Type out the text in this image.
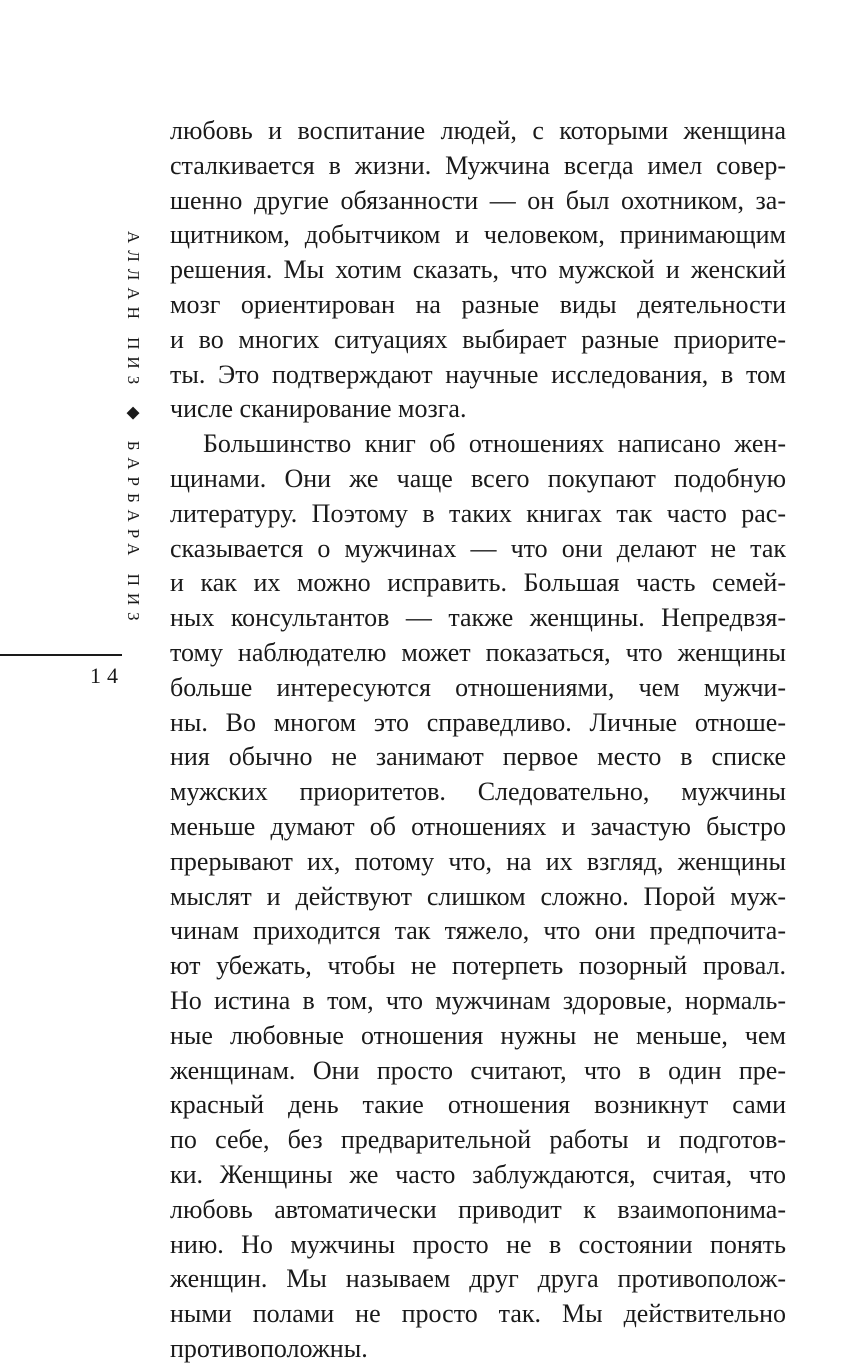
АЛЛАН ПИЗ ◆ БАРБАРА ПИЗ
14
любовь и воспитание людей, с которыми женщина
сталкивается в жизни. Мужчина всегда имел совер-
шенно другие обязанности — он был охотником, за-
щитником, добытчиком и человеком, принимающим
решения. Мы хотим сказать, что мужской и женский
мозг ориентирован на разные виды деятельности
и во многих ситуациях выбирает разные приорите-
ты. Это подтверждают научные исследования, в том
числе сканирование мозга.
Большинство книг об отношениях написано жен-
щинами. Они же чаще всего покупают подобную
литературу. Поэтому в таких книгах так часто рас-
сказывается о мужчинах — что они делают не так
и как их можно исправить. Большая часть семей-
ных консультантов — также женщины. Непредвзя-
тому наблюдателю может показаться, что женщины
больше интересуются отношениями, чем мужчи-
ны. Во многом это справедливо. Личные отноше-
ния обычно не занимают первое место в списке
мужских приоритетов. Следовательно, мужчины
меньше думают об отношениях и зачастую быстро
прерывают их, потому что, на их взгляд, женщины
мыслят и действуют слишком сложно. Порой муж-
чинам приходится так тяжело, что они предпочита-
ют убежать, чтобы не потерпеть позорный провал.
Но истина в том, что мужчинам здоровые, нормаль-
ные любовные отношения нужны не меньше, чем
женщинам. Они просто считают, что в один пре-
красный день такие отношения возникнут сами
по себе, без предварительной работы и подготов-
ки. Женщины же часто заблуждаются, считая, что
любовь автоматически приводит к взаимопонима-
нию. Но мужчины просто не в состоянии понять
женщин. Мы называем друг друга противополож-
ными полами не просто так. Мы действительно
противоположны.
